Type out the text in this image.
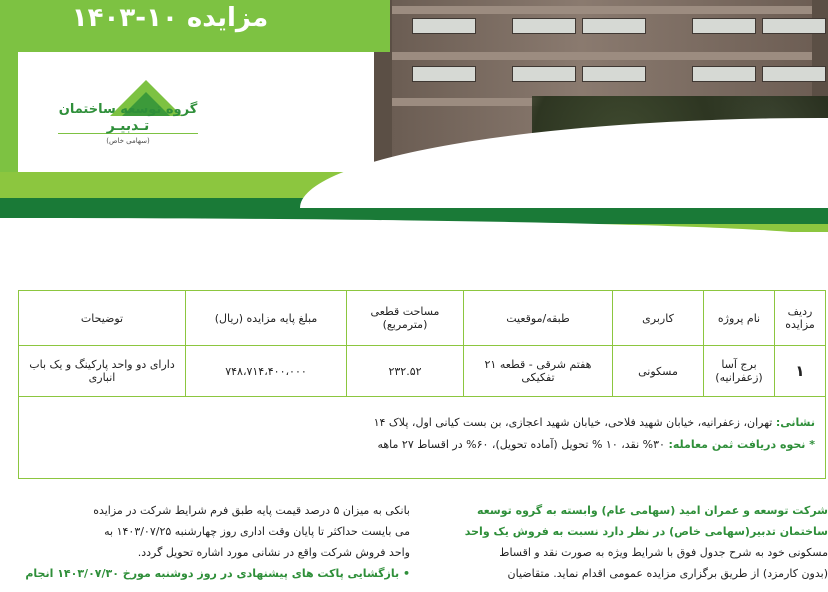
مزایده ۱۰-۱۴۰۳
گروه توسعه ساختمان
تـدبیـر
(سهامی خاص)
ردیف مزایده	نام پروژه	کاربری	طبقه/موقعیت	مساحت قطعی (مترمربع)	مبلغ پایه مزایده (ریال)	توضیحات
۱	برج آسا (زعفرانیه)	مسکونی	هفتم شرقی - قطعه ۲۱ تفکیکی	۲۳۲.۵۲	۷۴۸،۷۱۴،۴۰۰،۰۰۰	دارای دو واحد پارکینگ و یک باب انباری
نشانی: تهران، زعفرانیه، خیابان شهید فلاحی، خیابان شهید اعجازی، بن بست کیانی اول، پلاک ۱۴
* نحوه دریافت ثمن معامله: ۳۰% نقد، ۱۰ % تحویل (آماده تحویل)، ۶۰% در اقساط ۲۷ ماهه

شرکت توسعه و عمران امید (سهامی عام) وابسته به گروه توسعه

ساختمان تدبیر(سهامی خاص) در نظر دارد نسبت به فروش یک واحد

مسکونی خود به شرح جدول فوق با شرایط ویژه به صورت نقد و اقساط

(بدون کارمزد) از طریق برگزاری مزایده عمومی اقدام نماید. متقاضیان

بانکی به میزان ۵ درصد قیمت پایه طبق فرم شرایط شرکت در مزایده

می بایست حداکثر تا پایان وقت اداری روز چهارشنبه ۱۴۰۳/۰۷/۲۵ به

واحد فروش شرکت واقع در نشانی مورد اشاره تحویل گردد.

• بازگشایی پاکت های پیشنهادی در روز دوشنبه مورخ ۱۴۰۳/۰۷/۳۰ انجام
